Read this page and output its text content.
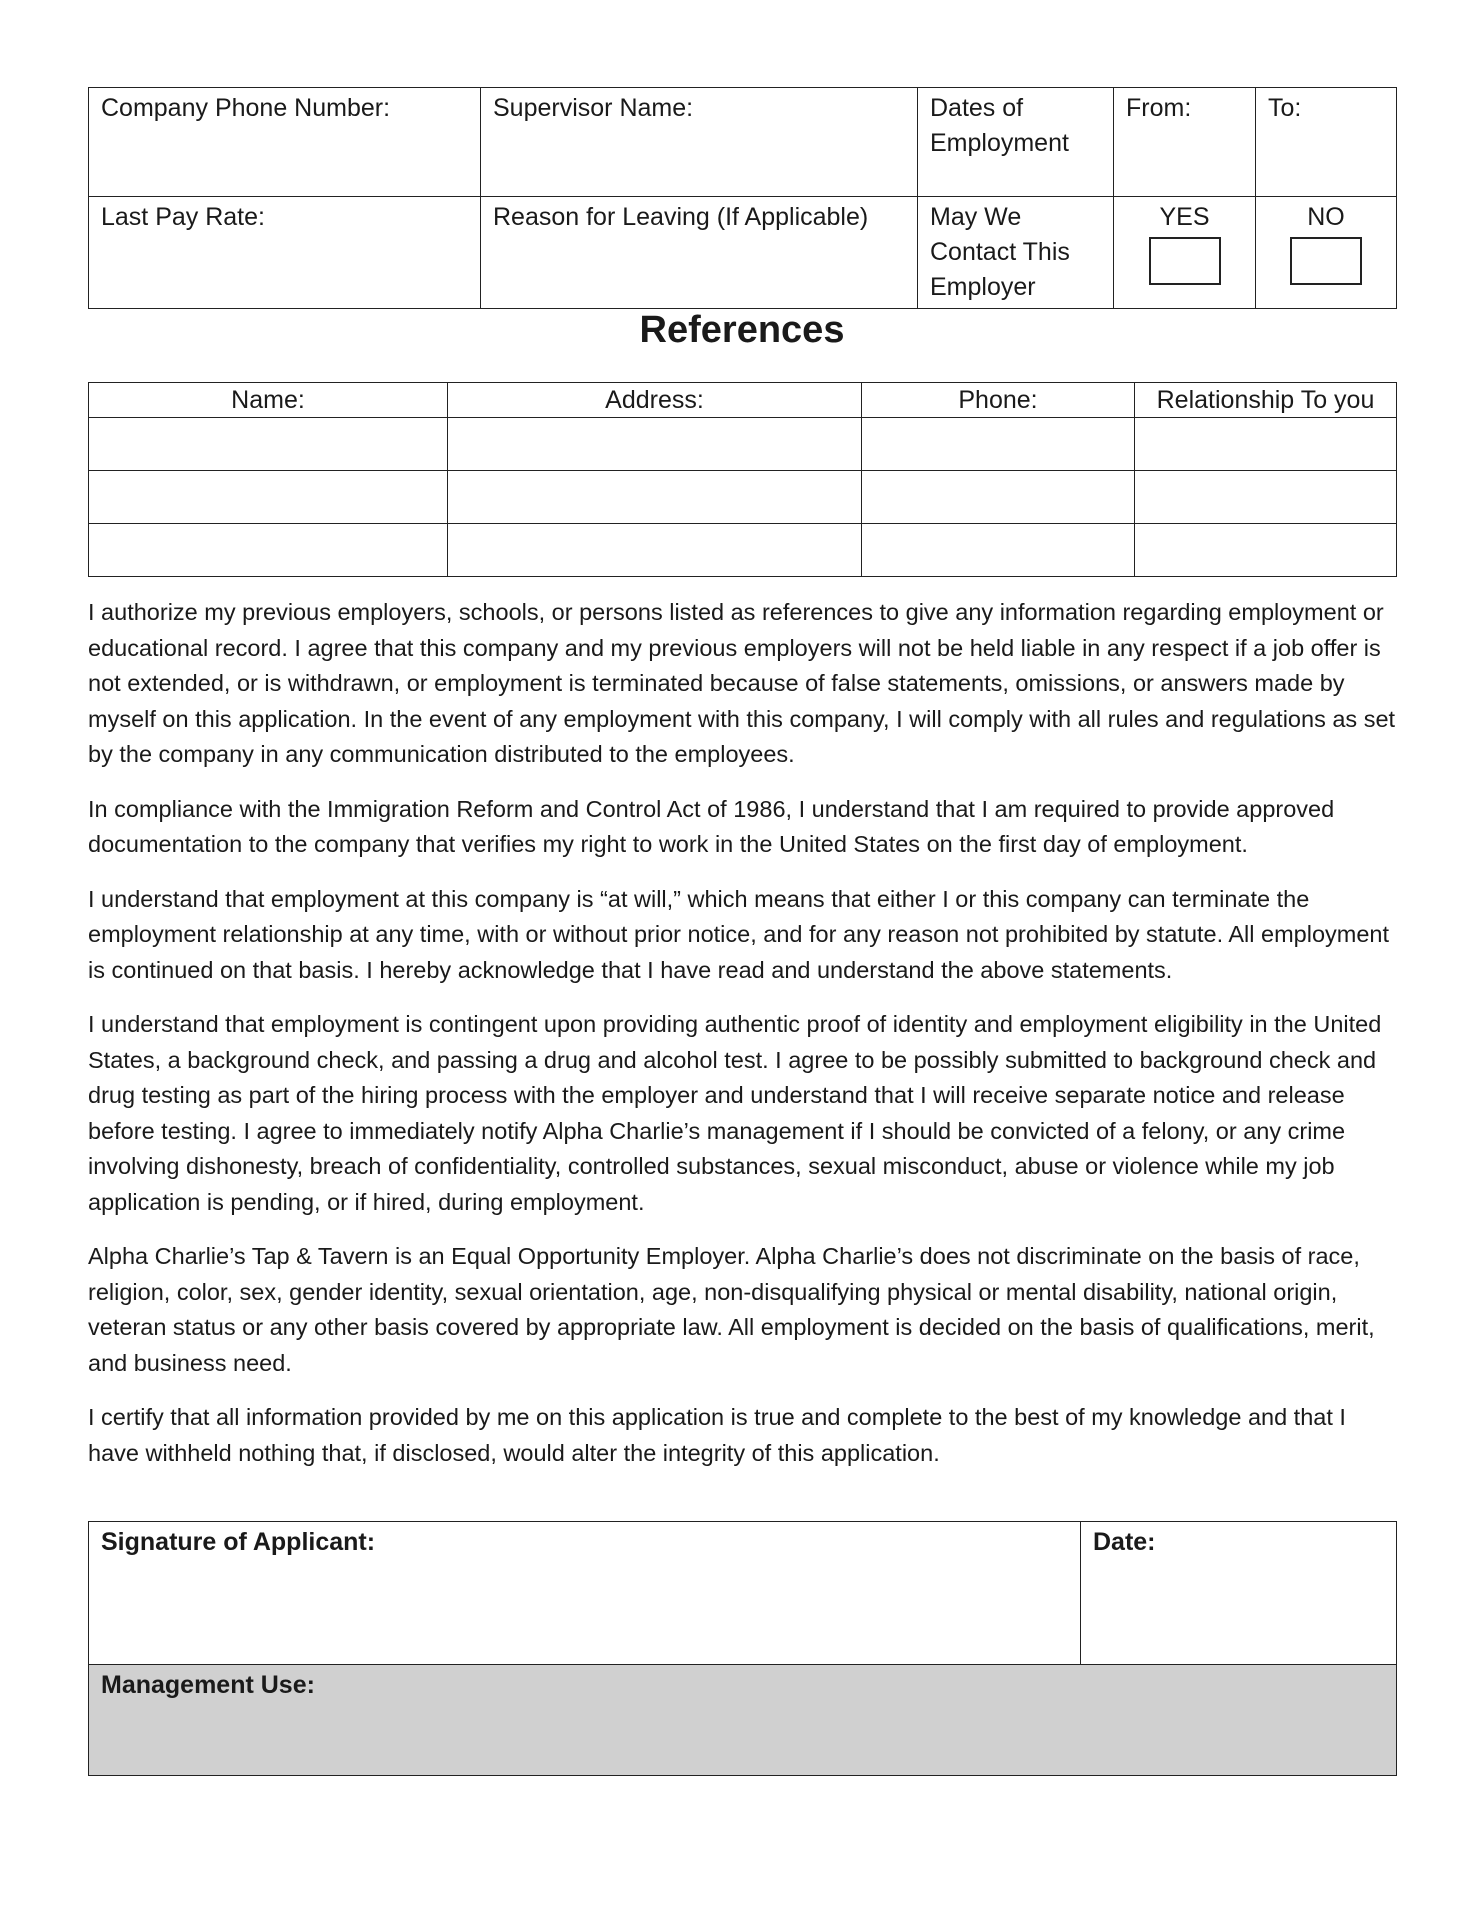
Company Phone Number:	Supervisor Name:	Dates of Employment	From:	To:
Last Pay Rate:	Reason for Leaving (If Applicable)	May We Contact This Employer	YES	NO
References
Name:	Address:	Phone:	Relationship To you

I authorize my previous employers, schools, or persons listed as references to give any information regarding employment or educational record. I agree that this company and my previous employers will not be held liable in any respect if a job offer is not extended, or is withdrawn, or employment is terminated because of false statements, omissions, or answers made by myself on this application. In the event of any employment with this company, I will comply with all rules and regulations as set by the company in any communication distributed to the employees.

In compliance with the Immigration Reform and Control Act of 1986, I understand that I am required to provide approved documentation to the company that verifies my right to work in the United States on the first day of employment.

I understand that employment at this company is “at will,” which means that either I or this company can terminate the employment relationship at any time, with or without prior notice, and for any reason not prohibited by statute. All employment is continued on that basis. I hereby acknowledge that I have read and understand the above statements.

I understand that employment is contingent upon providing authentic proof of identity and employment eligibility in the United States, a background check, and passing a drug and alcohol test. I agree to be possibly submitted to background check and drug testing as part of the hiring process with the employer and understand that I will receive separate notice and release before testing. I agree to immediately notify Alpha Charlie’s management if I should be convicted of a felony, or any crime involving dishonesty, breach of confidentiality, controlled substances, sexual misconduct, abuse or violence while my job application is pending, or if hired, during employment.

Alpha Charlie’s Tap & Tavern is an Equal Opportunity Employer. Alpha Charlie’s does not discriminate on the basis of race, religion, color, sex, gender identity, sexual orientation, age, non-disqualifying physical or mental disability, national origin, veteran status or any other basis covered by appropriate law. All employment is decided on the basis of qualifications, merit, and business need.

I certify that all information provided by me on this application is true and complete to the best of my knowledge and that I have withheld nothing that, if disclosed, would alter the integrity of this application.

Signature of Applicant:	Date:
Management Use:
